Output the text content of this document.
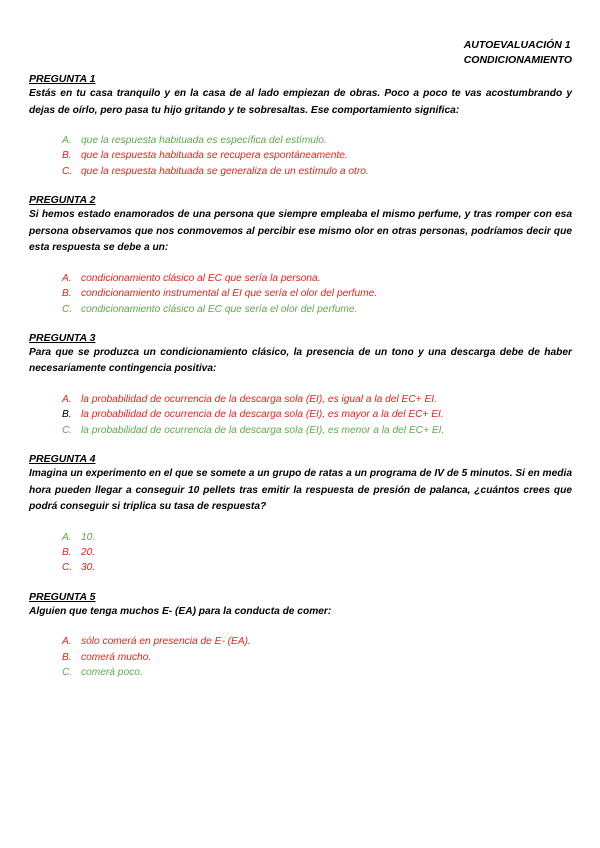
AUTOEVALUACIÓN 1
CONDICIONAMIENTO
PREGUNTA 1

Estás en tu casa tranquilo y en la casa de al lado empiezan de obras. Poco a poco te vas acostumbrando y dejas de oírlo, pero pasa tu hijo gritando y te sobresaltas. Ese comportamiento significa:

A. que la respuesta habituada es específica del estímulo.
B. que la respuesta habituada se recupera espontáneamente.
C. que la respuesta habituada se generaliza de un estímulo a otro.
PREGUNTA 2

Si hemos estado enamorados de una persona que siempre empleaba el mismo perfume, y tras romper con esa persona observamos que nos conmovemos al percibir ese mismo olor en otras personas, podríamos decir que esta respuesta se debe a un:

A. condicionamiento clásico al EC que sería la persona.
B. condicionamiento instrumental al EI que sería el olor del perfume.
C. condicionamiento clásico al EC que sería el olor del perfume.
PREGUNTA 3

Para que se produzca un condicionamiento clásico, la presencia de un tono y una descarga debe de haber necesariamente contingencia positiva:

A. la probabilidad de ocurrencia de la descarga sola (EI), es igual a la del EC+ EI.
B. la probabilidad de ocurrencia de la descarga sola (EI), es mayor a la del EC+ EI.
C. la probabilidad de ocurrencia de la descarga sola (EI), es menor a la del EC+ EI.
PREGUNTA 4

Imagina un experimento en el que se somete a un grupo de ratas a un programa de IV de 5 minutos. Si en media hora pueden llegar a conseguir 10 pellets tras emitir la respuesta de presión de palanca, ¿cuántos crees que podrá conseguir si triplica su tasa de respuesta?

A. 10.
B. 20.
C. 30.
PREGUNTA 5

Alguien que tenga muchos E- (EA) para la conducta de comer:

A. sólo comerá en presencia de E- (EA).
B. comerá mucho.
C. comerá poco.
